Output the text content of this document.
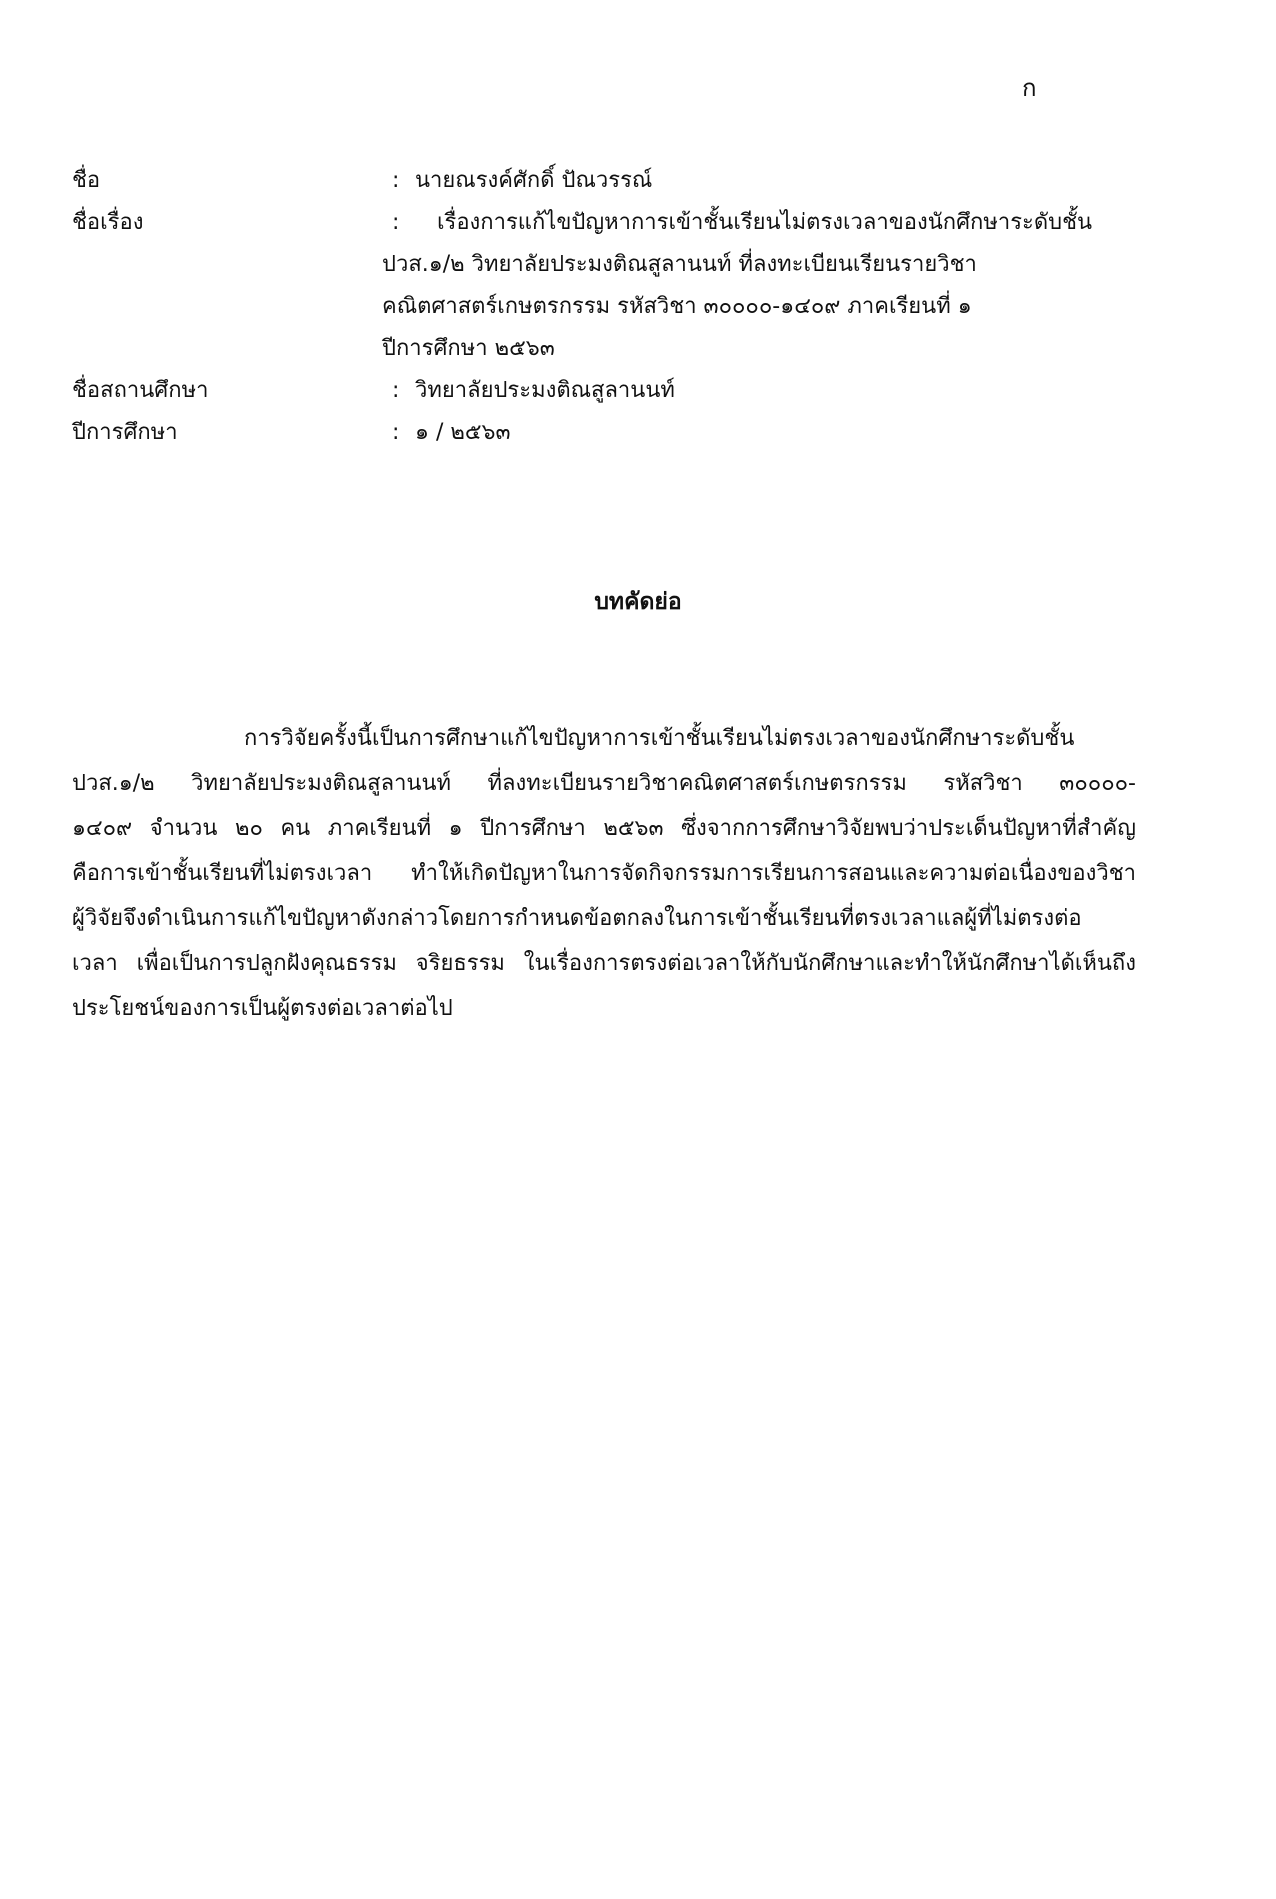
ก
ชื่อ	: นายณรงค์ศักดิ์ ปัณวรรณ์
ชื่อเรื่อง	: เรื่องการแก้ไขปัญหาการเข้าชั้นเรียนไม่ตรงเวลาของนักศึกษาระดับชั้น
ปวส.๑/๒ วิทยาลัยประมงติณสูลานนท์ ที่ลงทะเบียนเรียนรายวิชา
คณิตศาสตร์เกษตรกรรม รหัสวิชา ๓๐๐๐๐-๑๔๐๙ ภาคเรียนที่ ๑
ปีการศึกษา ๒๕๖๓
ชื่อสถานศึกษา	: วิทยาลัยประมงติณสูลานนท์
ปีการศึกษา	: ๑ / ๒๕๖๓
บทคัดย่อ
การวิจัยครั้งนี้เป็นการศึกษาแก้ไขปัญหาการเข้าชั้นเรียนไม่ตรงเวลาของนักศึกษาระดับชั้น
ปวส.๑/๒ วิทยาลัยประมงติณสูลานนท์ ที่ลงทะเบียนรายวิชาคณิตศาสตร์เกษตรกรรม รหัสวิชา ๓๐๐๐๐-
๑๔๐๙ จำนวน ๒๐ คน ภาคเรียนที่ ๑ ปีการศึกษา ๒๕๖๓ ซึ่งจากการศึกษาวิจัยพบว่าประเด็นปัญหาที่สำคัญ
คือการเข้าชั้นเรียนที่ไม่ตรงเวลา ทำให้เกิดปัญหาในการจัดกิจกรรมการเรียนการสอนและความต่อเนื่องของวิชา
ผู้วิจัยจึงดำเนินการแก้ไขปัญหาดังกล่าวโดยการกำหนดข้อตกลงในการเข้าชั้นเรียนที่ตรงเวลาแลผู้ที่ไม่ตรงต่อ
เวลา เพื่อเป็นการปลูกฝังคุณธรรม จริยธรรม ในเรื่องการตรงต่อเวลาให้กับนักศึกษาและทำให้นักศึกษาได้เห็นถึง
ประโยชน์ของการเป็นผู้ตรงต่อเวลาต่อไป
